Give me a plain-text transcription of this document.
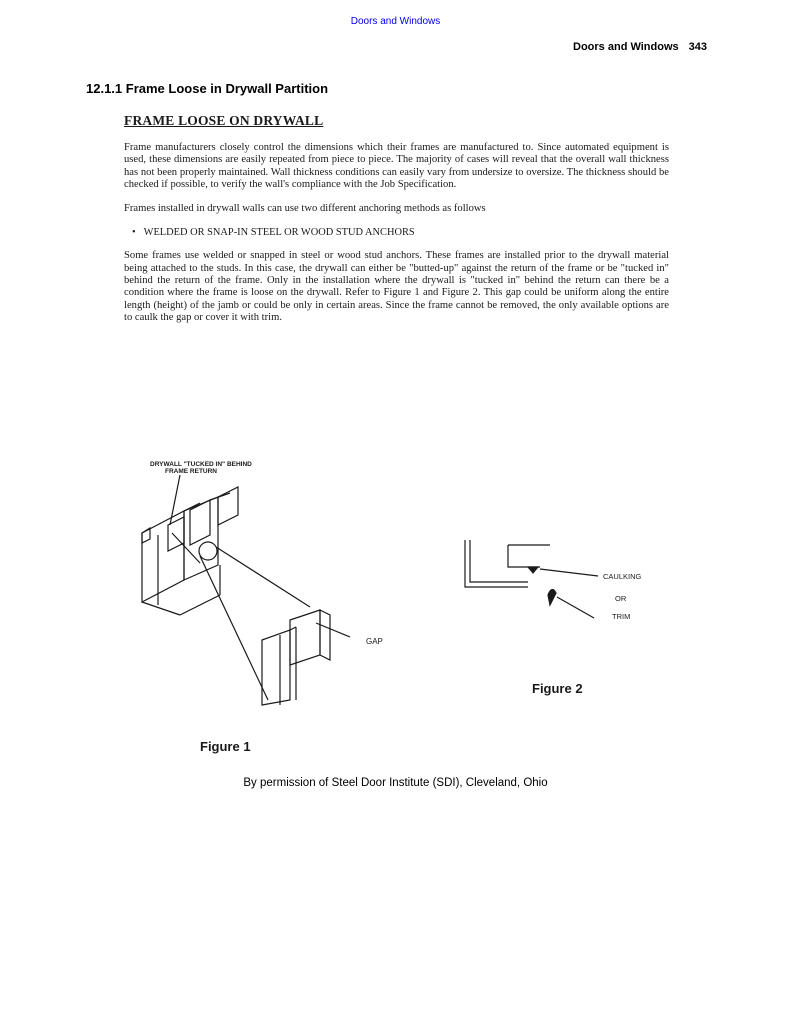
Doors and Windows
Doors and Windows 343
12.1.1 Frame Loose in Drywall Partition
FRAME LOOSE ON DRYWALL

Frame manufacturers closely control the dimensions which their frames are manufactured to. Since automated equipment is used, these dimensions are easily repeated from piece to piece. The majority of cases will reveal that the overall wall thickness has not been properly maintained. Wall thickness conditions can easily vary from undersize to oversize. The thickness should be checked if possible, to verify the wall's compliance with the Job Specification.

Frames installed in drywall walls can use two different anchoring methods as follows

• WELDED OR SNAP-IN STEEL OR WOOD STUD ANCHORS

Some frames use welded or snapped in steel or wood stud anchors. These frames are installed prior to the drywall material being attached to the studs. In this case, the drywall can either be "butted-up" against the return of the frame or be "tucked in" behind the return of the frame. Only in the installation where the drywall is "tucked in" behind the return can there be a condition where the frame is loose on the drywall. Refer to Figure 1 and Figure 2. This gap could be uniform along the entire length (height) of the jamb or could be only in certain areas. Since the frame cannot be removed, the only available options are to caulk the gap or cover it with trim.

DRYWALL "TUCKED IN" BEHIND
FRAME RETURN
GAP
Figure 1
CAULKING
OR
TRIM
Figure 2
By permission of Steel Door Institute (SDI), Cleveland, Ohio
